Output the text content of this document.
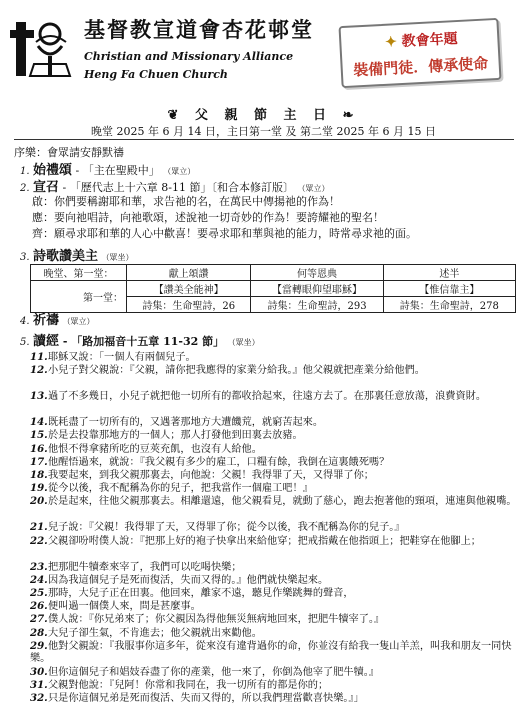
基督教宣道會杏花邨堂
Christian and Missionary Alliance
Heng Fa Chuen Church
✦ 教會年題
裝備門徒．傳承使命
❦ 父 親 節 主 日 ❧
晚堂 2025 年 6 月 14 日，主日第一堂 及 第二堂 2025 年 6 月 15 日
序樂：會眾請安靜默禱
1. 始禮頌 - 「主在聖殿中」 （眾立）
2. 宣召 - 「歷代志上十六章 8-11 節」〔和合本修訂版〕 （眾立）
啟：你們要稱謝耶和華，求告祂的名，在萬民中傳揚祂的作為！
應：要向祂唱詩，向祂歌頌，述說祂一切奇妙的作為！要誇耀祂的聖名！
齊：願尋求耶和華的人心中歡喜！要尋求耶和華與祂的能力，時常尋求祂的面。
3. 詩歌讚美主 （眾坐）
晚堂、第一堂：	獻上頌讚	何等恩典	述半
第一堂：	【讚美全能神】	【當轉眼仰望耶穌】	【惟信靠主】
	詩集：生命聖詩，26	詩集：生命聖詩，293	詩集：生命聖詩，278
4. 祈禱 （眾立）
5. 讀經 - 「路加福音十五章 11-32 節」 （眾坐）
11.耶穌又說：「一個人有兩個兒子。
12.小兒子對父親說：『父親，請你把我應得的家業分給我。』他父親就把產業分給他們。
13.過了不多幾日，小兒子就把他一切所有的都收拾起來，往遠方去了。在那裏任意放蕩，浪費資財。
14.既耗盡了一切所有的，又遇著那地方大遭饑荒，就窮苦起來。
15.於是去投靠那地方的一個人；那人打發他到田裏去放豬。
16.他恨不得拿豬所吃的豆莢充飢，也沒有人給他。
17.他醒悟過來，就說：『我父親有多少的雇工，口糧有餘，我倒在這裏餓死嗎？
18.我要起來，到我父親那裏去，向他說：父親！我得罪了天，又得罪了你；
19.從今以後，我不配稱為你的兒子，把我當作一個雇工吧！』
20.於是起來，往他父親那裏去。相離還遠，他父親看見，就動了慈心，跑去抱著他的頸項，連連與他親嘴。
21.兒子說：『父親！我得罪了天，又得罪了你；從今以後，我不配稱為你的兒子。』
22.父親卻吩咐僕人說：『把那上好的袍子快拿出來給他穿；把戒指戴在他指頭上；把鞋穿在他腳上；
23.把那肥牛犢牽來宰了，我們可以吃喝快樂；
24.因為我這個兒子是死而復活，失而又得的。』他們就快樂起來。
25.那時，大兒子正在田裏。他回來，離家不遠，聽見作樂跳舞的聲音，
26.便叫過一個僕人來，問是甚麼事。
27.僕人說：『你兄弟來了；你父親因為得他無災無病地回來，把肥牛犢宰了。』
28.大兒子卻生氣，不肯進去；他父親就出來勸他。
29.他對父親說：『我服事你這多年，從來沒有違背過你的命，你並沒有給我一隻山羊羔，叫我和朋友一同快樂。
30.但你這個兒子和娼妓吞盡了你的產業，他一來了，你倒為他宰了肥牛犢。』
31.父親對他說：『兒阿！你常和我同在，我一切所有的都是你的；
32.只是你這個兄弟是死而復活、失而又得的，所以我們理當歡喜快樂。』」
